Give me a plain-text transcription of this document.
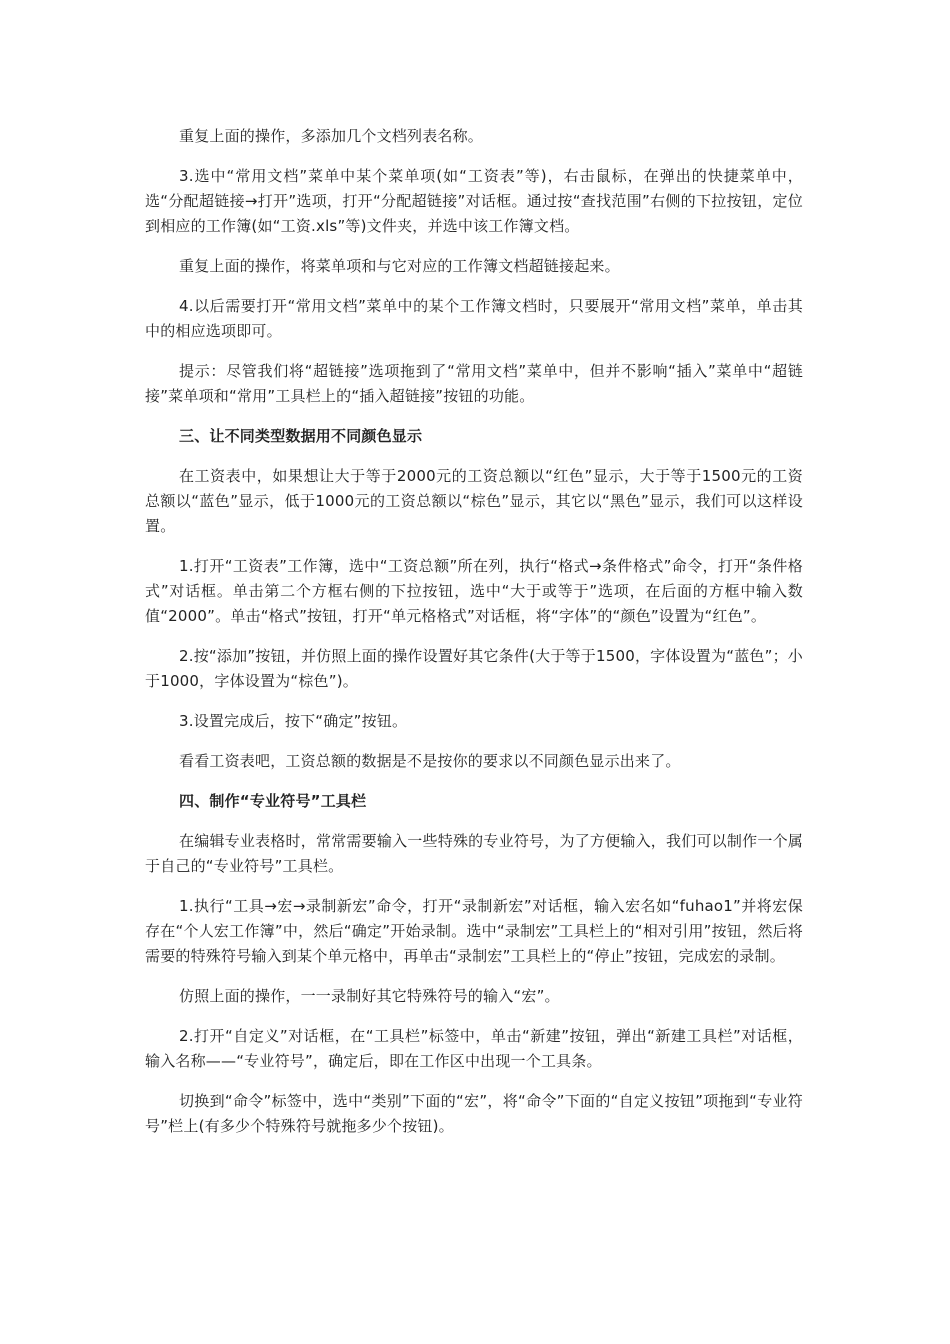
重复上面的操作，多添加几个文档列表名称。

3.选中“常用文档”菜单中某个菜单项(如“工资表”等)，右击鼠标，在弹出的快捷菜单中，选“分配超链接→打开”选项，打开“分配超链接”对话框。通过按“查找范围”右侧的下拉按钮，定位到相应的工作簿(如“工资.xls”等)文件夹，并选中该工作簿文档。

重复上面的操作，将菜单项和与它对应的工作簿文档超链接起来。

4.以后需要打开“常用文档”菜单中的某个工作簿文档时，只要展开“常用文档”菜单，单击其中的相应选项即可。

提示：尽管我们将“超链接”选项拖到了“常用文档”菜单中，但并不影响“插入”菜单中“超链接”菜单项和“常用”工具栏上的“插入超链接”按钮的功能。

三、让不同类型数据用不同颜色显示

在工资表中，如果想让大于等于2000元的工资总额以“红色”显示，大于等于1500元的工资总额以“蓝色”显示，低于1000元的工资总额以“棕色”显示，其它以“黑色”显示，我们可以这样设置。

1.打开“工资表”工作簿，选中“工资总额”所在列，执行“格式→条件格式”命令，打开“条件格式”对话框。单击第二个方框右侧的下拉按钮，选中“大于或等于”选项，在后面的方框中输入数值“2000”。单击“格式”按钮，打开“单元格格式”对话框，将“字体”的“颜色”设置为“红色”。

2.按“添加”按钮，并仿照上面的操作设置好其它条件(大于等于1500，字体设置为“蓝色”；小于1000，字体设置为“棕色”)。

3.设置完成后，按下“确定”按钮。

看看工资表吧，工资总额的数据是不是按你的要求以不同颜色显示出来了。

四、制作“专业符号”工具栏

在编辑专业表格时，常常需要输入一些特殊的专业符号，为了方便输入，我们可以制作一个属于自己的“专业符号”工具栏。

1.执行“工具→宏→录制新宏”命令，打开“录制新宏”对话框，输入宏名如“fuhao1”并将宏保存在“个人宏工作簿”中，然后“确定”开始录制。选中“录制宏”工具栏上的“相对引用”按钮，然后将需要的特殊符号输入到某个单元格中，再单击“录制宏”工具栏上的“停止”按钮，完成宏的录制。

仿照上面的操作，一一录制好其它特殊符号的输入“宏”。

2.打开“自定义”对话框，在“工具栏”标签中，单击“新建”按钮，弹出“新建工具栏”对话框，输入名称——“专业符号”，确定后，即在工作区中出现一个工具条。

切换到“命令”标签中，选中“类别”下面的“宏”，将“命令”下面的“自定义按钮”项拖到“专业符号”栏上(有多少个特殊符号就拖多少个按钮)。
